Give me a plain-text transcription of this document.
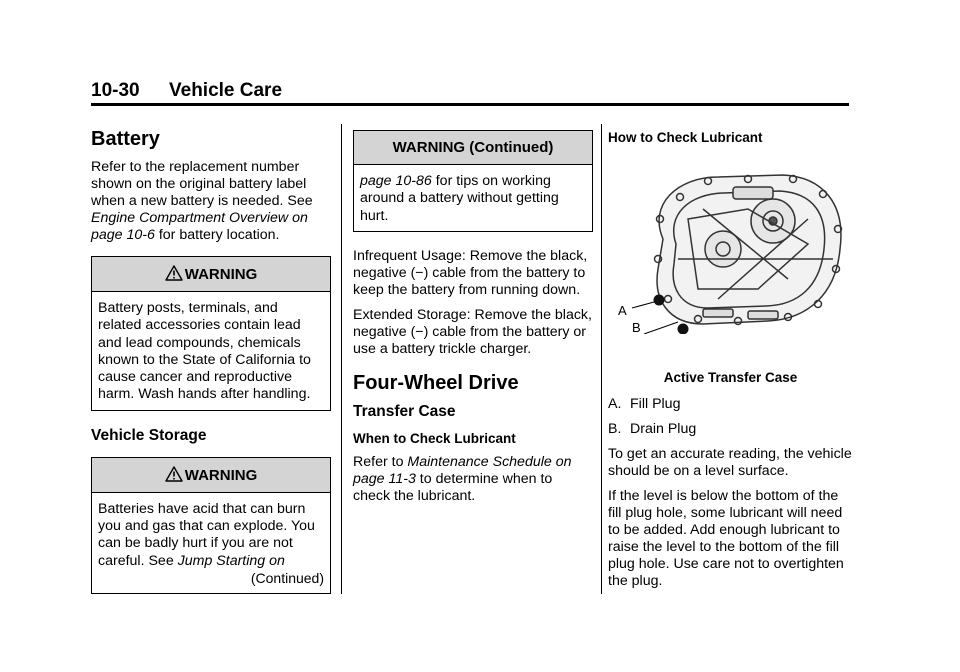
10-30 Vehicle Care
Battery

Refer to the replacement number shown on the original battery label when a new battery is needed. See Engine Compartment Overview on page 10-6 for battery location.

WARNING

Battery posts, terminals, and related accessories contain lead and lead compounds, chemicals known to the State of California to cause cancer and reproductive harm. Wash hands after handling.

Vehicle Storage
WARNING

Batteries have acid that can burn you and gas that can explode. You can be badly hurt if you are not careful. See Jump Starting on

(Continued)
WARNING (Continued)

page 10-86 for tips on working around a battery without getting hurt.

Infrequent Usage: Remove the black, negative (−) cable from the battery to keep the battery from running down.

Extended Storage: Remove the black, negative (−) cable from the battery or use a battery trickle charger.

Four-Wheel Drive
Transfer Case
When to Check Lubricant

Refer to Maintenance Schedule on page 11-3 to determine when to check the lubricant.

How to Check Lubricant
A
B
Active Transfer Case

A. Fill Plug

B. Drain Plug

To get an accurate reading, the vehicle should be on a level surface.

If the level is below the bottom of the fill plug hole, some lubricant will need to be added. Add enough lubricant to raise the level to the bottom of the fill plug hole. Use care not to overtighten the plug.
